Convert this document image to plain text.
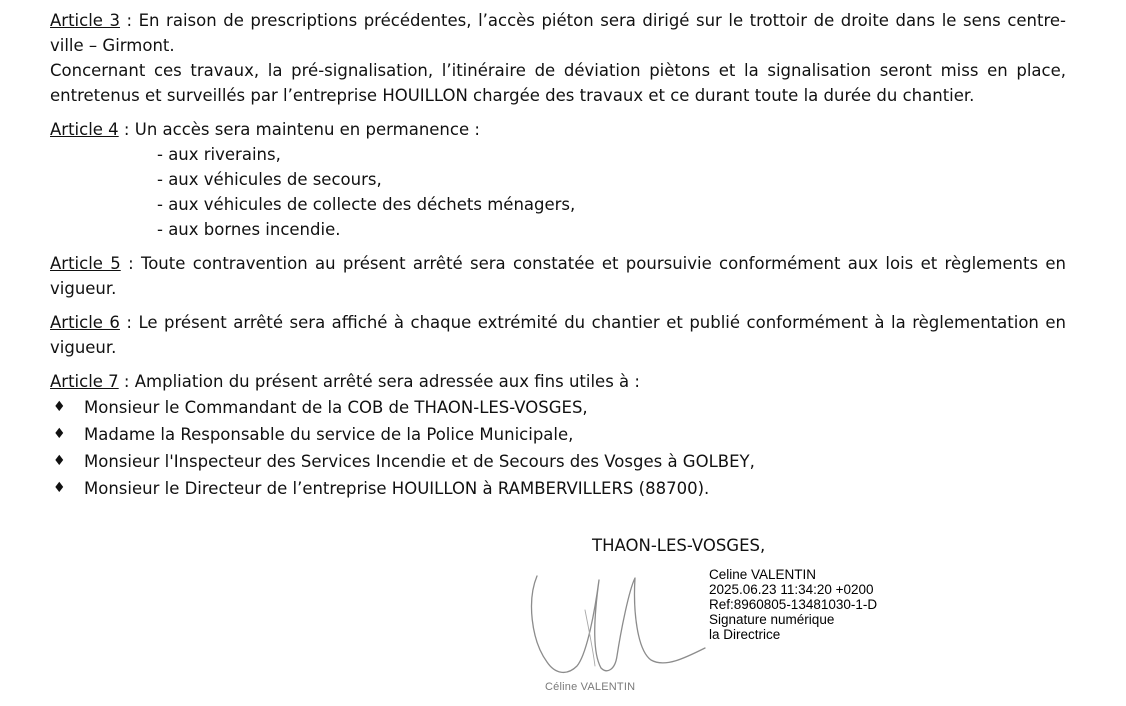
Article 3 : En raison de prescriptions précédentes, l’accès piéton sera dirigé sur le trottoir de droite dans le sens centre-ville – Girmont.

Concernant ces travaux, la pré-signalisation, l’itinéraire de déviation piètons et la signalisation seront miss en place, entretenus et surveillés par l’entreprise HOUILLON chargée des travaux et ce durant toute la durée du chantier.

Article 4 : Un accès sera maintenu en permanence :

- aux riverains,
- aux véhicules de secours,
- aux véhicules de collecte des déchets ménagers,
- aux bornes incendie.

Article 5 : Toute contravention au présent arrêté sera constatée et poursuivie conformément aux lois et règlements en vigueur.

Article 6 : Le présent arrêté sera affiché à chaque extrémité du chantier et publié conformément à la règlementation en vigueur.

Article 7 : Ampliation du présent arrêté sera adressée aux fins utiles à :

♦ Monsieur le Commandant de la COB de THAON-LES-VOSGES,
♦ Madame la Responsable du service de la Police Municipale,
♦ Monsieur l'Inspecteur des Services Incendie et de Secours des Vosges à GOLBEY,
♦ Monsieur le Directeur de l’entreprise HOUILLON à RAMBERVILLERS (88700).
THAON-LES-VOSGES,
Celine VALENTIN
2025.06.23 11:34:20 +0200
Ref:8960805-13481030-1-D
Signature numérique
la Directrice
Céline VALENTIN
